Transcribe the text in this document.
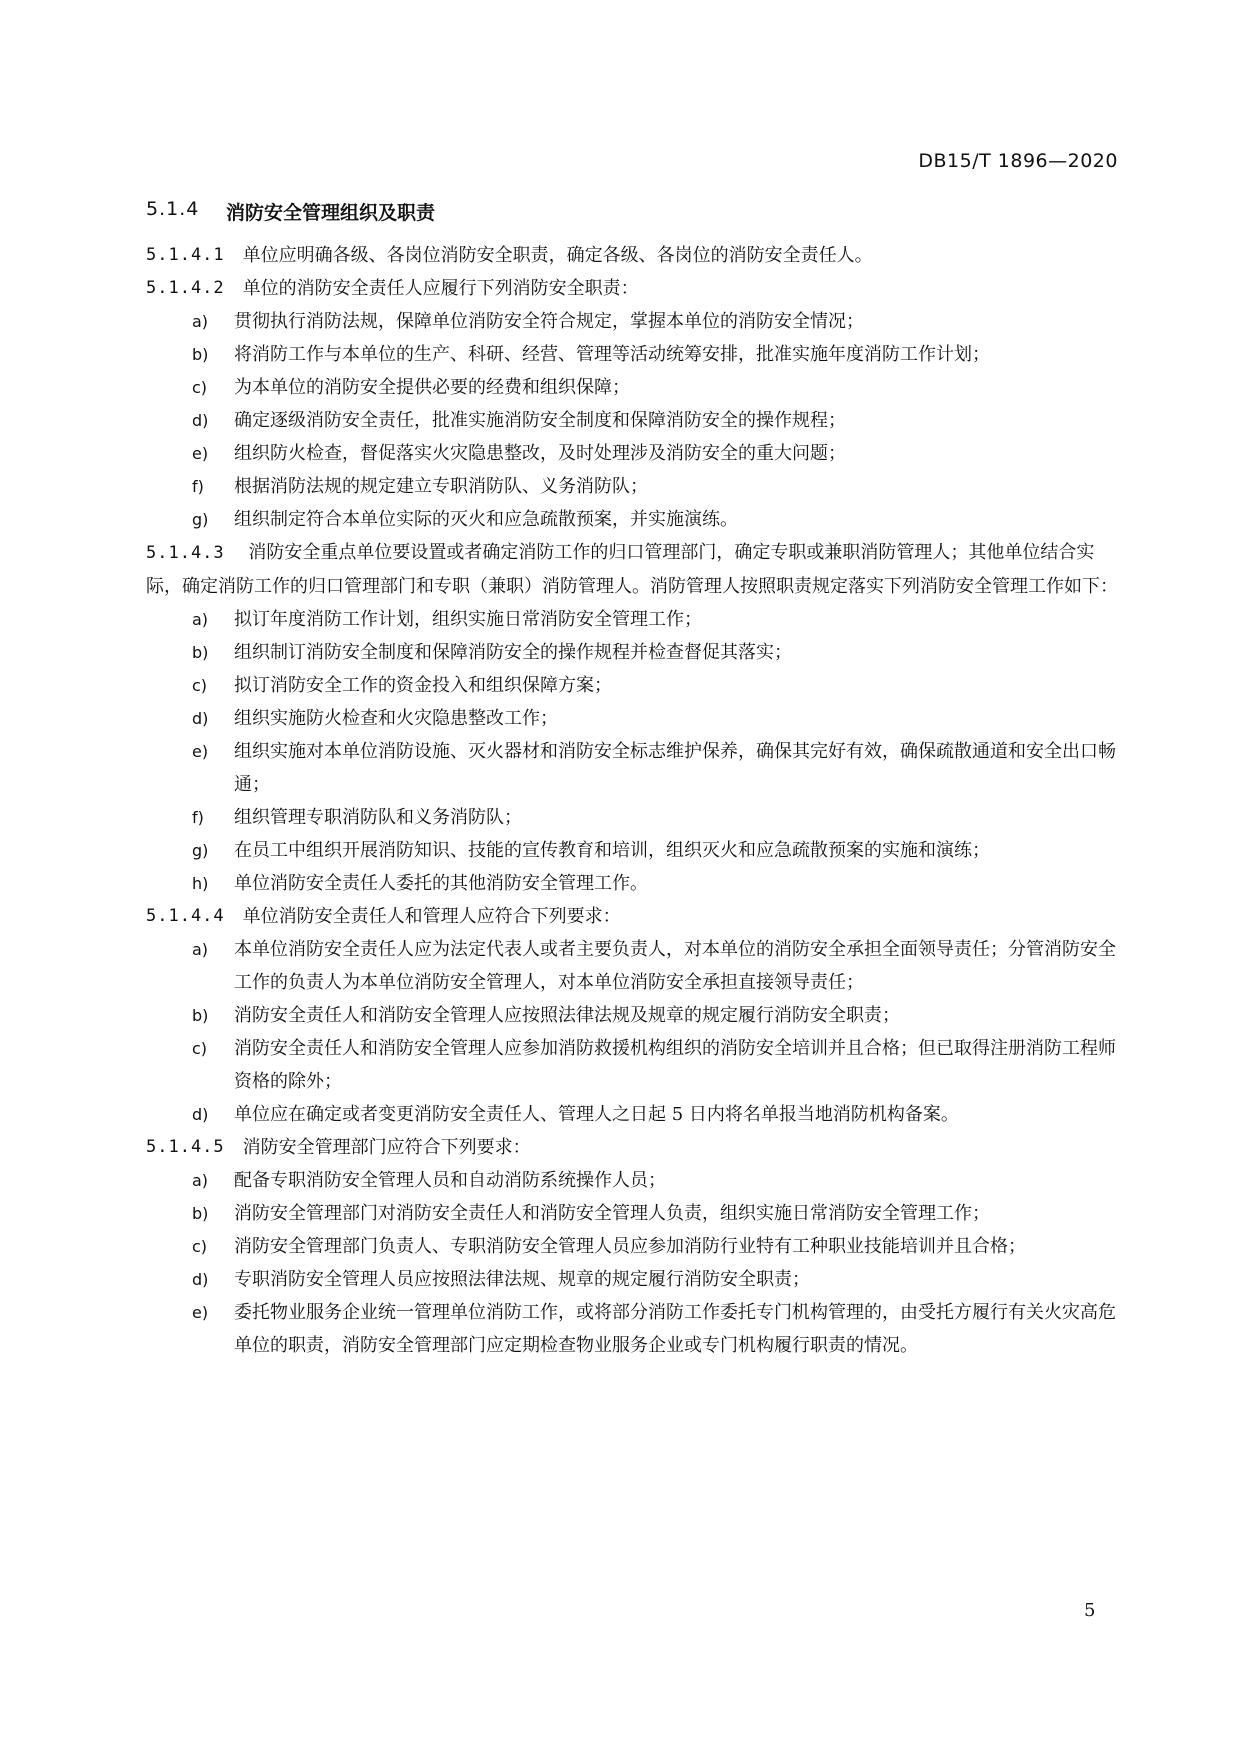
DB15/T 1896—2020
5.1.4	消防安全管理组织及职责
5.1.4.1 单位应明确各级、各岗位消防安全职责，确定各级、各岗位的消防安全责任人。
5.1.4.2 单位的消防安全责任人应履行下列消防安全职责：
a)	贯彻执行消防法规，保障单位消防安全符合规定，掌握本单位的消防安全情况；
b)	将消防工作与本单位的生产、科研、经营、管理等活动统筹安排，批准实施年度消防工作计划；
c)	为本单位的消防安全提供必要的经费和组织保障；
d)	确定逐级消防安全责任，批准实施消防安全制度和保障消防安全的操作规程；
e)	组织防火检查，督促落实火灾隐患整改，及时处理涉及消防安全的重大问题；
f)	根据消防法规的规定建立专职消防队、义务消防队；
g)	组织制定符合本单位实际的灭火和应急疏散预案，并实施演练。
5.1.4.3 消防安全重点单位要设置或者确定消防工作的归口管理部门，确定专职或兼职消防管理人；其他单位结合实际，确定消防工作的归口管理部门和专职（兼职）消防管理人。消防管理人按照职责规定落实下列消防安全管理工作如下：
a)	拟订年度消防工作计划，组织实施日常消防安全管理工作；
b)	组织制订消防安全制度和保障消防安全的操作规程并检查督促其落实；
c)	拟订消防安全工作的资金投入和组织保障方案；
d)	组织实施防火检查和火灾隐患整改工作；
e)	组织实施对本单位消防设施、灭火器材和消防安全标志维护保养，确保其完好有效，确保疏散通道和安全出口畅通；
f)	组织管理专职消防队和义务消防队；
g)	在员工中组织开展消防知识、技能的宣传教育和培训，组织灭火和应急疏散预案的实施和演练；
h)	单位消防安全责任人委托的其他消防安全管理工作。
5.1.4.4 单位消防安全责任人和管理人应符合下列要求：
a)	本单位消防安全责任人应为法定代表人或者主要负责人，对本单位的消防安全承担全面领导责任；分管消防安全工作的负责人为本单位消防安全管理人，对本单位消防安全承担直接领导责任；
b)	消防安全责任人和消防安全管理人应按照法律法规及规章的规定履行消防安全职责；
c)	消防安全责任人和消防安全管理人应参加消防救援机构组织的消防安全培训并且合格；但已取得注册消防工程师资格的除外；
d)	单位应在确定或者变更消防安全责任人、管理人之日起 5 日内将名单报当地消防机构备案。
5.1.4.5 消防安全管理部门应符合下列要求：
a)	配备专职消防安全管理人员和自动消防系统操作人员；
b)	消防安全管理部门对消防安全责任人和消防安全管理人负责，组织实施日常消防安全管理工作；
c)	消防安全管理部门负责人、专职消防安全管理人员应参加消防行业特有工种职业技能培训并且合格；
d)	专职消防安全管理人员应按照法律法规、规章的规定履行消防安全职责；
e)	委托物业服务企业统一管理单位消防工作，或将部分消防工作委托专门机构管理的，由受托方履行有关火灾高危单位的职责，消防安全管理部门应定期检查物业服务企业或专门机构履行职责的情况。
5
